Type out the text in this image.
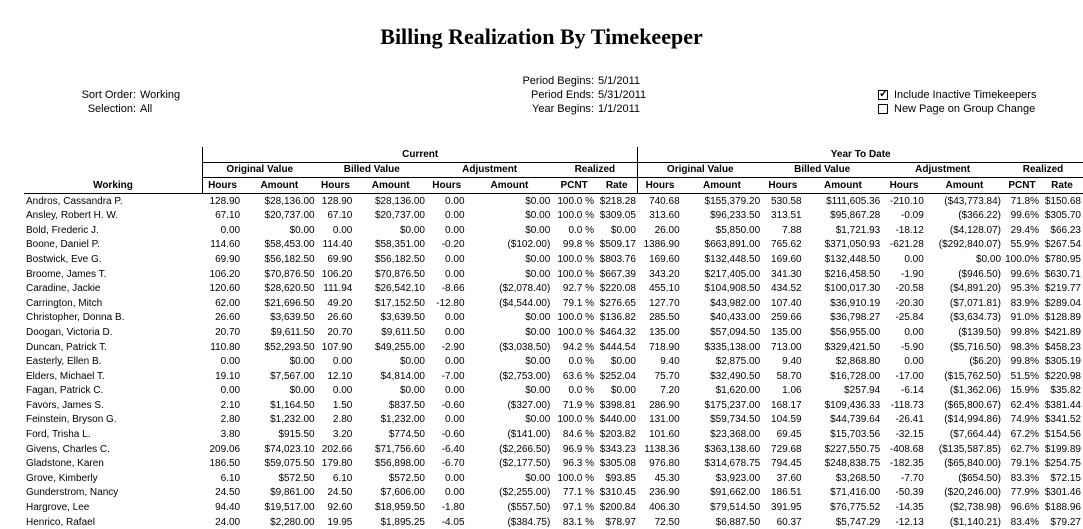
Billing Realization By Timekeeper
Sort Order: Working
Selection: All
Period Begins: 5/1/2011
Period Ends: 5/31/2011
Year Begins: 1/1/2011
✓
Include Inactive Timekeepers
New Page on Group Change
	Current								Year To Date							
	Original Value		Billed Value		Adjustment		Realized		Original Value		Billed Value		Adjustment		Realized	
Working	Hours	Amount	Hours	Amount	Hours	Amount	PCNT	Rate	Hours	Amount	Hours	Amount	Hours	Amount	PCNT	Rate
Andros, Cassandra P.	128.90	$28,136.00	128.90	$28,136.00	0.00	$0.00	100.0 %	$218.28	740.68	$155,379.20	530.58	$111,605.36	-210.10	($43,773.84)	71.8%	$150.68
Ansley, Robert H. W.	67.10	$20,737.00	67.10	$20,737.00	0.00	$0.00	100.0 %	$309.05	313.60	$96,233.50	313.51	$95,867.28	-0.09	($366.22)	99.6%	$305.70
Bold, Frederic J.	0.00	$0.00	0.00	$0.00	0.00	$0.00	0.0 %	$0.00	26.00	$5,850.00	7.88	$1,721.93	-18.12	($4,128.07)	29.4%	$66.23
Boone, Daniel P.	114.60	$58,453.00	114.40	$58,351.00	-0.20	($102.00)	99.8 %	$509.17	1386.90	$663,891.00	765.62	$371,050.93	-621.28	($292,840.07)	55.9%	$267.54
Bostwick, Eve G.	69.90	$56,182.50	69.90	$56,182.50	0.00	$0.00	100.0 %	$803.76	169.60	$132,448.50	169.60	$132,448.50	0.00	$0.00	100.0%	$780.95
Broome, James T.	106.20	$70,876.50	106.20	$70,876.50	0.00	$0.00	100.0 %	$667.39	343.20	$217,405.00	341.30	$216,458.50	-1.90	($946.50)	99.6%	$630.71
Caradine, Jackie	120.60	$28,620.50	111.94	$26,542.10	-8.66	($2,078.40)	92.7 %	$220.08	455.10	$104,908.50	434.52	$100,017.30	-20.58	($4,891.20)	95.3%	$219.77
Carrington, Mitch	62.00	$21,696.50	49.20	$17,152.50	-12.80	($4,544.00)	79.1 %	$276.65	127.70	$43,982.00	107.40	$36,910.19	-20.30	($7,071.81)	83.9%	$289.04
Christopher, Donna B.	26.60	$3,639.50	26.60	$3,639.50	0.00	$0.00	100.0 %	$136.82	285.50	$40,433.00	259.66	$36,798.27	-25.84	($3,634.73)	91.0%	$128.89
Doogan, Victoria D.	20.70	$9,611.50	20.70	$9,611.50	0.00	$0.00	100.0 %	$464.32	135.00	$57,094.50	135.00	$56,955.00	0.00	($139.50)	99.8%	$421.89
Duncan, Patrick T.	110.80	$52,293.50	107.90	$49,255.00	-2.90	($3,038.50)	94.2 %	$444.54	718.90	$335,138.00	713.00	$329,421.50	-5.90	($5,716.50)	98.3%	$458.23
Easterly, Ellen B.	0.00	$0.00	0.00	$0.00	0.00	$0.00	0.0 %	$0.00	9.40	$2,875.00	9.40	$2,868.80	0.00	($6.20)	99.8%	$305.19
Elders, Michael T.	19.10	$7,567.00	12.10	$4,814.00	-7.00	($2,753.00)	63.6 %	$252.04	75.70	$32,490.50	58.70	$16,728.00	-17.00	($15,762.50)	51.5%	$220.98
Fagan, Patrick C.	0.00	$0.00	0.00	$0.00	0.00	$0.00	0.0 %	$0.00	7.20	$1,620.00	1.06	$257.94	-6.14	($1,362.06)	15.9%	$35.82
Favors, James S.	2.10	$1,164.50	1.50	$837.50	-0.60	($327.00)	71.9 %	$398.81	286.90	$175,237.00	168.17	$109,436.33	-118.73	($65,800.67)	62.4%	$381.44
Feinstein, Bryson G.	2.80	$1,232.00	2.80	$1,232.00	0.00	$0.00	100.0 %	$440.00	131.00	$59,734.50	104.59	$44,739.64	-26.41	($14,994.86)	74.9%	$341.52
Ford, Trisha L.	3.80	$915.50	3.20	$774.50	-0.60	($141.00)	84.6 %	$203.82	101.60	$23,368.00	69.45	$15,703.56	-32.15	($7,664.44)	67.2%	$154.56
Givens, Charles C.	209.06	$74,023.10	202.66	$71,756.60	-6.40	($2,266.50)	96.9 %	$343.23	1138.36	$363,138.60	729.68	$227,550.75	-408.68	($135,587.85)	62.7%	$199.89
Gladstone, Karen	186.50	$59,075.50	179.80	$56,898.00	-6.70	($2,177.50)	96.3 %	$305.08	976.80	$314,678.75	794.45	$248,838.75	-182.35	($65,840.00)	79.1%	$254.75
Grove, Kimberly	6.10	$572.50	6.10	$572.50	0.00	$0.00	100.0 %	$93.85	45.30	$3,923.00	37.60	$3,268.50	-7.70	($654.50)	83.3%	$72.15
Gunderstrom, Nancy	24.50	$9,861.00	24.50	$7,606.00	0.00	($2,255.00)	77.1 %	$310.45	236.90	$91,662.00	186.51	$71,416.00	-50.39	($20,246.00)	77.9%	$301.46
Hargrove, Lee	94.40	$19,517.00	92.60	$18,959.50	-1.80	($557.50)	97.1 %	$200.84	406.30	$79,514.50	391.95	$76,775.52	-14.35	($2,738.98)	96.6%	$188.96
Henrico, Rafael	24.00	$2,280.00	19.95	$1,895.25	-4.05	($384.75)	83.1 %	$78.97	72.50	$6,887.50	60.37	$5,747.29	-12.13	($1,140.21)	83.4%	$79.27
